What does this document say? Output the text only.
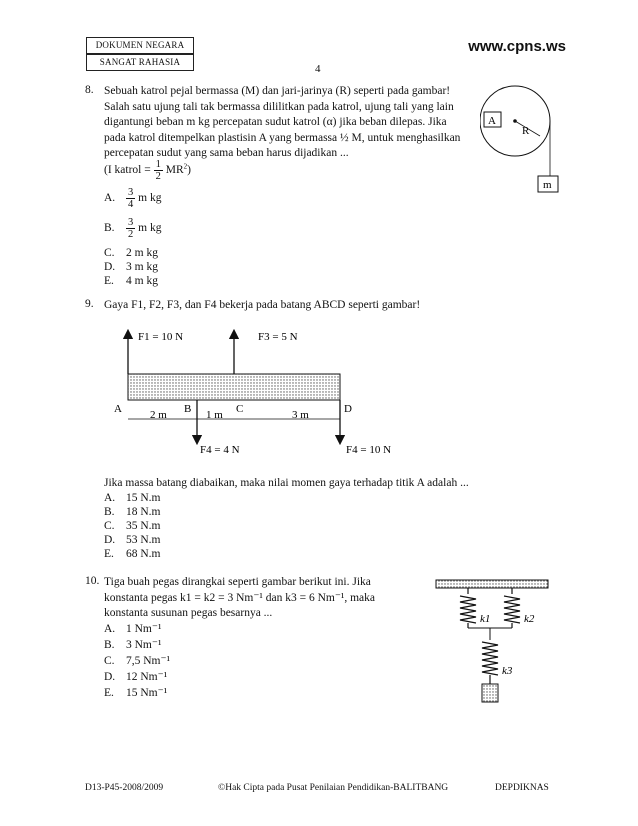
DOKUMEN NEGARA
SANGAT RAHASIA
www.cpns.ws
4
8. Sebuah katrol pejal bermassa (M) dan jari-jarinya (R) seperti pada gambar!
Salah satu ujung tali tak bermassa dililitkan pada katrol, ujung tali yang lain
digantungi beban m kg percepatan sudut katrol (α) jika beban dilepas. Jika
pada katrol ditempelkan plastisin A yang bermassa ½ M, untuk menghasilkan
percepatan sudut yang sama beban harus dijadikan ...
(I katrol = $\frac{1}{2} MR^2$)
A. $\frac{3}{4}$ m kg
B. $\frac{3}{2}$ m kg
C. 2 m kg
D. 3 m kg
E. 4 m kg
A
R
m
9. Gaya F1, F2, F3, dan F4 bekerja pada batang ABCD seperti gambar!
F1 = 10 N	F3 = 5 N
F4 = 4 N	F4 = 10 N
A	B	C	D
2 m	1 m	3 m
Jika massa batang diabaikan, maka nilai momen gaya terhadap titik A adalah ...
A. 15 N.m
B. 18 N.m
C. 35 N.m
D. 53 N.m
E. 68 N.m
10. Tiga buah pegas dirangkai seperti gambar berikut ini. Jika
konstanta pegas k1 = k2 = 3 Nm⁻¹ dan k3 = 6 Nm⁻¹, maka
konstanta susunan pegas besarnya ...
A. 1 Nm⁻¹
B. 3 Nm⁻¹
C. 7,5 Nm⁻¹
D. 12 Nm⁻¹
E. 15 Nm⁻¹
k1	k2
k3
D13-P45-2008/2009	©Hak Cipta pada Pusat Penilaian Pendidikan-BALITBANG	DEPDIKNAS
